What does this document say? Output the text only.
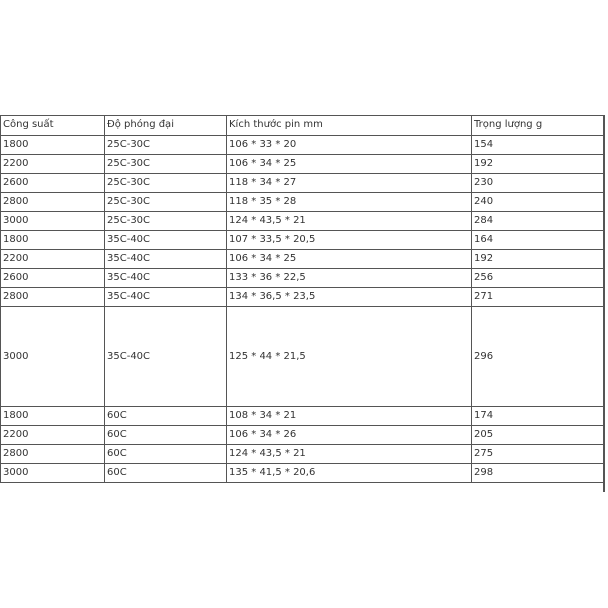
Công suất	Độ phóng đại	Kích thước pin mm	Trọng lượng g
1800	25C-30C	106 * 33 * 20	154
2200	25C-30C	106 * 34 * 25	192
2600	25C-30C	118 * 34 * 27	230
2800	25C-30C	118 * 35 * 28	240
3000	25C-30C	124 * 43,5 * 21	284
1800	35C-40C	107 * 33,5 * 20,5	164
2200	35C-40C	106 * 34 * 25	192
2600	35C-40C	133 * 36 * 22,5	256
2800	35C-40C	134 * 36,5 * 23,5	271
3000	35C-40C	125 * 44 * 21,5	296
1800	60C	108 * 34 * 21	174
2200	60C	106 * 34 * 26	205
2800	60C	124 * 43,5 * 21	275
3000	60C	135 * 41,5 * 20,6	298
